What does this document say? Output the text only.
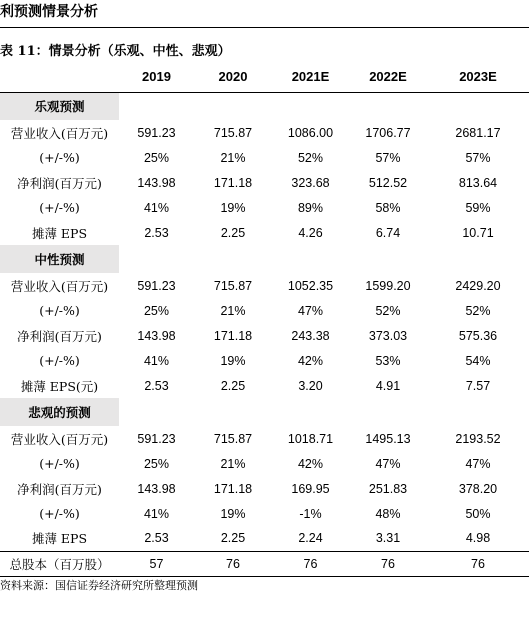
利预测情景分析
表 11：情景分析（乐观、中性、悲观）
	2019	2020	2021E	2022E	2023E
乐观预测					
营业收入(百万元)	591.23	715.87	1086.00	1706.77	2681.17
(+/-%)	25%	21%	52%	57%	57%
净利润(百万元)	143.98	171.18	323.68	512.52	813.64
(+/-%)	41%	19%	89%	58%	59%
摊薄 EPS	2.53	2.25	4.26	6.74	10.71
中性预测					
营业收入(百万元)	591.23	715.87	1052.35	1599.20	2429.20
(+/-%)	25%	21%	47%	52%	52%
净利润(百万元)	143.98	171.18	243.38	373.03	575.36
(+/-%)	41%	19%	42%	53%	54%
摊薄 EPS(元)	2.53	2.25	3.20	4.91	7.57
悲观的预测					
营业收入(百万元)	591.23	715.87	1018.71	1495.13	2193.52
(+/-%)	25%	21%	42%	47%	47%
净利润(百万元)	143.98	171.18	169.95	251.83	378.20
(+/-%)	41%	19%	-1%	48%	50%
摊薄 EPS	2.53	2.25	2.24	3.31	4.98
总股本（百万股）	57	76	76	76	76
资料来源：国信证券经济研究所整理预测
